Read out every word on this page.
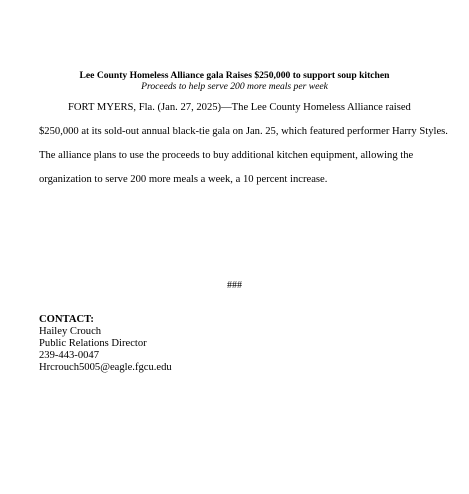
Lee County Homeless Alliance gala Raises $250,000 to support soup kitchen
Proceeds to help serve 200 more meals per week
FORT MYERS, Fla. (Jan. 27, 2025)—The Lee County Homeless Alliance raised
$250,000 at its sold-out annual black-tie gala on Jan. 25, which featured performer Harry Styles.
The alliance plans to use the proceeds to buy additional kitchen equipment, allowing the
organization to serve 200 more meals a week, a 10 percent increase.
###
CONTACT:
Hailey Crouch
Public Relations Director
239-443-0047
Hrcrouch5005@eagle.fgcu.edu
